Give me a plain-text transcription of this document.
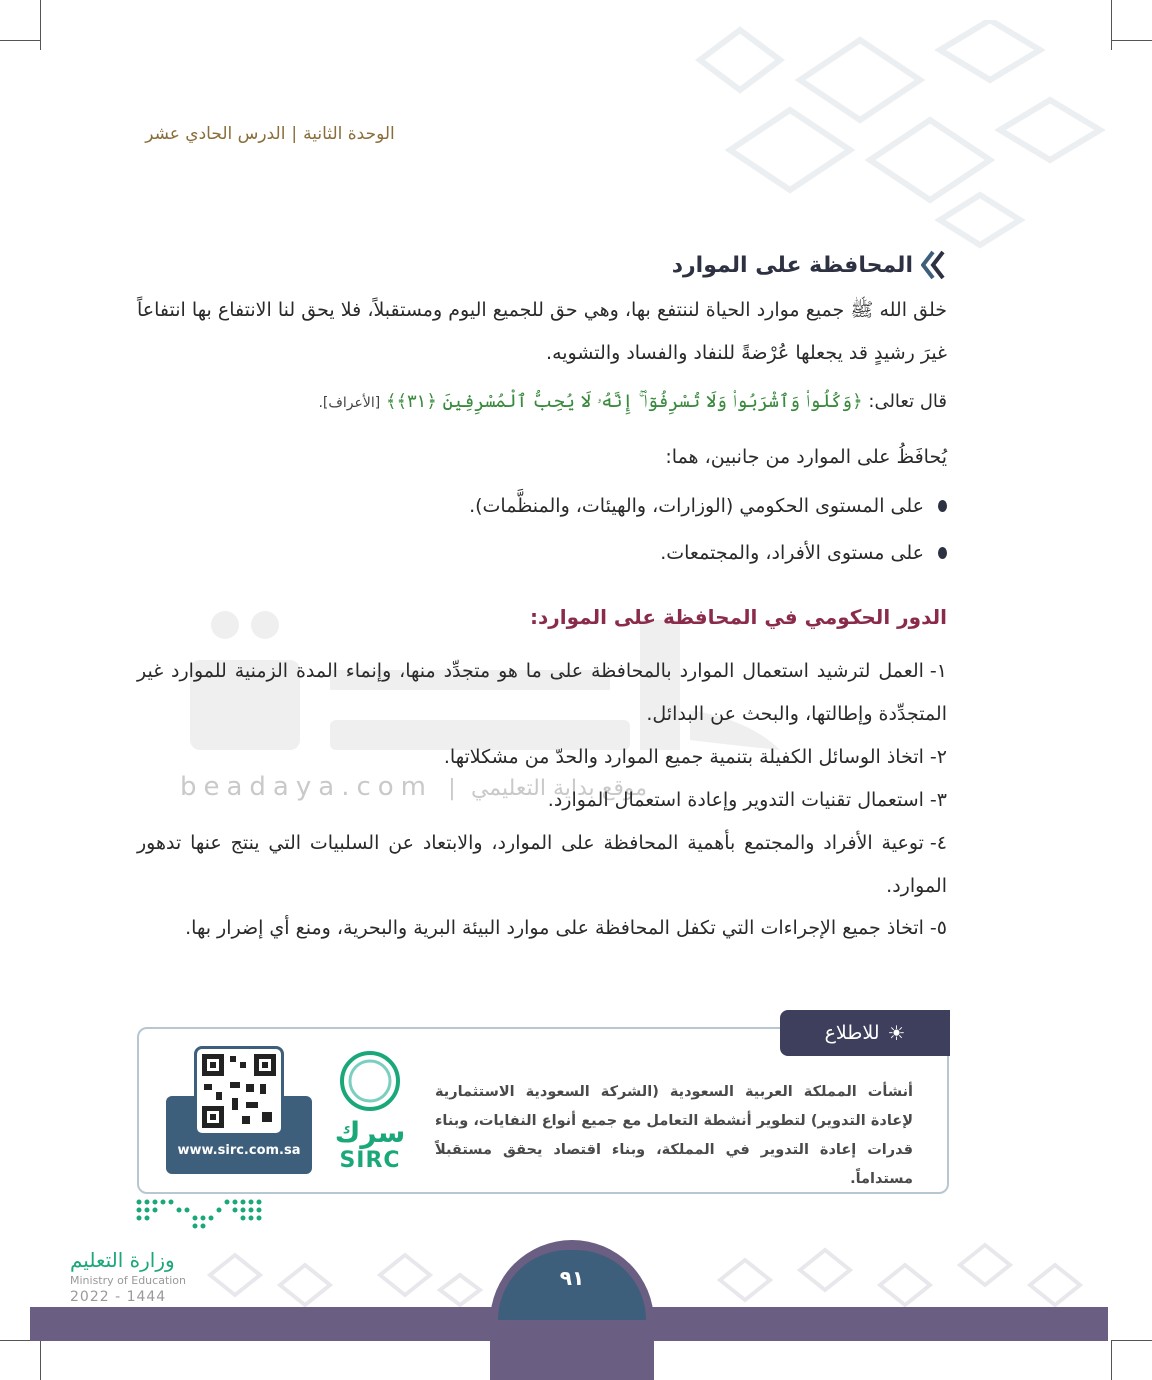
الوحدة الثانية|الدرس الحادي عشر
beadaya.com | موقع بداية التعليمي
المحافظة على الموارد
خلق الله ﷺ جميع موارد الحياة لننتفع بها، وهي حق للجميع اليوم ومستقبلاً، فلا يحق لنا الانتفاع بها انتفاعاً غيرَ رشيدٍ قد يجعلها عُرْضةً للنفاد والفساد والتشويه.
قال تعالى: ﴿وَكُلُوا۟ وَٱشْرَبُوا۟ وَلَا تُسْرِفُوٓا۟ ۚ إِنَّهُۥ لَا يُحِبُّ ٱلْمُسْرِفِينَ ﴿٣١﴾﴾ [الأعراف].
يُحافَظُ على الموارد من جانبين، هما:
على المستوى الحكومي (الوزارات، والهيئات، والمنظَّمات).
على مستوى الأفراد، والمجتمعات.
الدور الحكومي في المحافظة على الموارد:
١-العمل لترشيد استعمال الموارد بالمحافظة على ما هو متجدِّد منها، وإنماء المدة الزمنية للموارد غير المتجدِّدة وإطالتها، والبحث عن البدائل.
٢-اتخاذ الوسائل الكفيلة بتنمية جميع الموارد والحدّ من مشكلاتها.
٣-استعمال تقنيات التدوير وإعادة استعمال الموارد.
٤-توعية الأفراد والمجتمع بأهمية المحافظة على الموارد، والابتعاد عن السلبيات التي ينتج عنها تدهور الموارد.
٥-اتخاذ جميع الإجراءات التي تكفل المحافظة على موارد البيئة البرية والبحرية، ومنع أي إضرار بها.
☀
للاطلاع
أنشأت المملكة العربية السعودية (الشركة السعودية الاستثمارية لإعادة التدوير) لتطوير أنشطة التعامل مع جميع أنواع النفايات، وبناء قدرات إعادة التدوير في المملكة، وبناء اقتصاد يحقق مستقبلاً مستداماً.
سرك
SIRC
www.sirc.com.sa
وزارة التعليم
Ministry of Education
2022 - 1444
٩١
